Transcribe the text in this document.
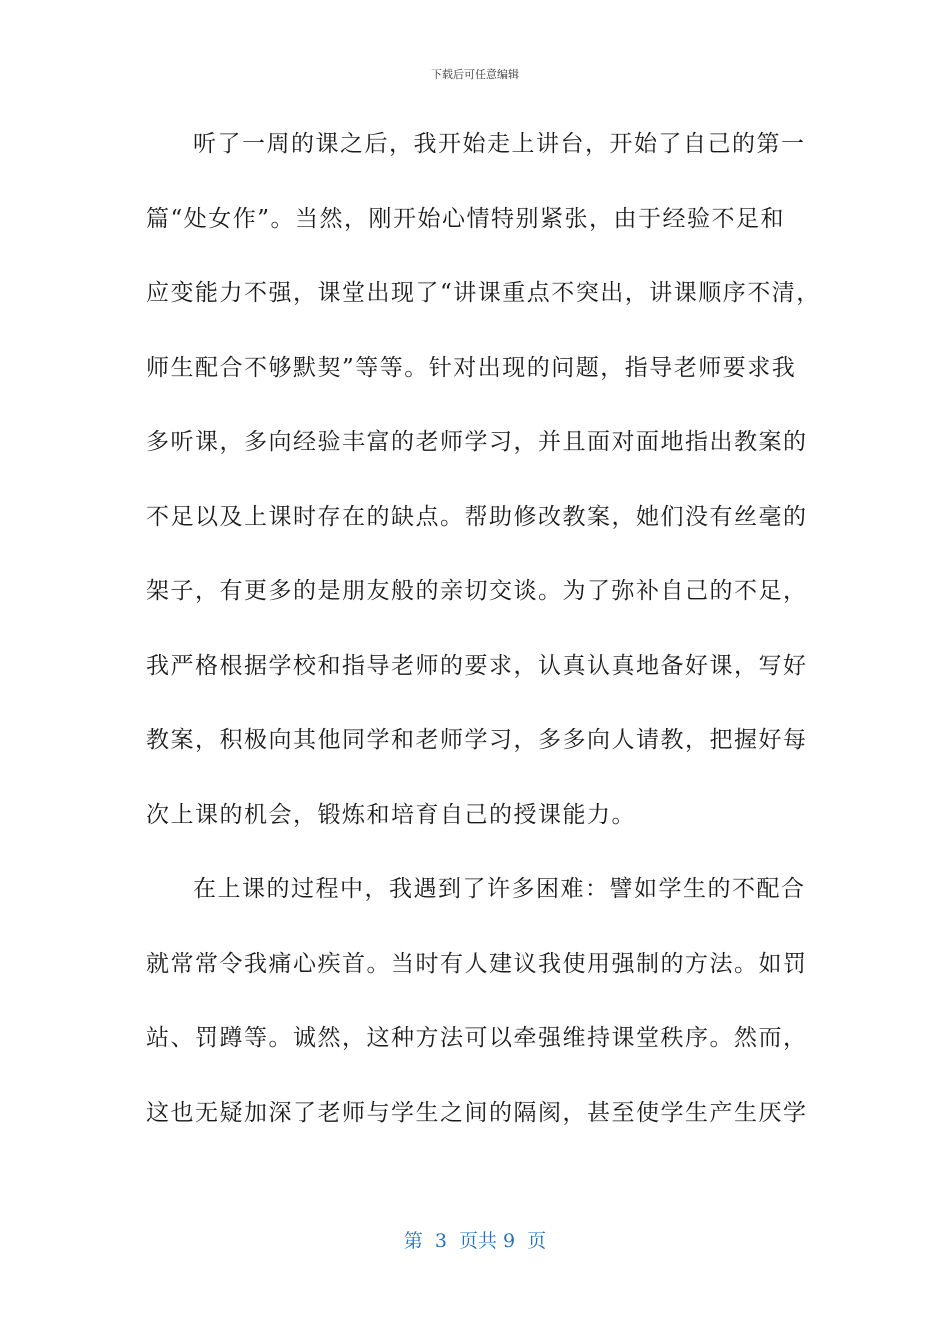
下载后可任意编辑
听了一周的课之后，我开始走上讲台，开始了自己的第一
篇“处女作”。当然，刚开始心情特别紧张，由于经验不足和
应变能力不强，课堂出现了“讲课重点不突出，讲课顺序不清，
师生配合不够默契”等等。针对出现的问题，指导老师要求我
多听课，多向经验丰富的老师学习，并且面对面地指出教案的
不足以及上课时存在的缺点。帮助修改教案，她们没有丝毫的
架子，有更多的是朋友般的亲切交谈。为了弥补自己的不足，
我严格根据学校和指导老师的要求，认真认真地备好课，写好
教案，积极向其他同学和老师学习，多多向人请教，把握好每
次上课的机会，锻炼和培育自己的授课能力。
在上课的过程中，我遇到了许多困难：譬如学生的不配合
就常常令我痛心疾首。当时有人建议我使用强制的方法。如罚
站、罚蹲等。诚然，这种方法可以牵强维持课堂秩序。然而，
这也无疑加深了老师与学生之间的隔阂，甚至使学生产生厌学
第  3  页共 9  页
